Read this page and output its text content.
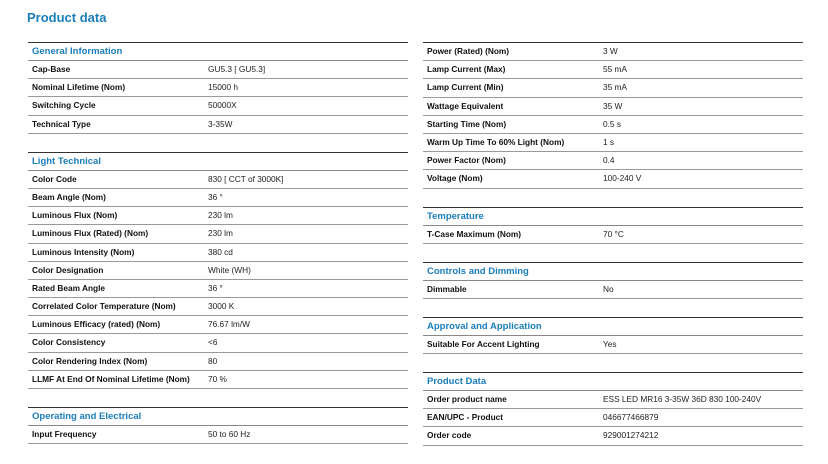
Product data
General Information
Cap-Base	GU5.3 [ GU5.3]
Nominal Lifetime (Nom)	15000 h
Switching Cycle	50000X
Technical Type	3-35W
Light Technical
Color Code	830 [ CCT of 3000K]
Beam Angle (Nom)	36 °
Luminous Flux (Nom)	230 lm
Luminous Flux (Rated) (Nom)	230 lm
Luminous Intensity (Nom)	380 cd
Color Designation	White (WH)
Rated Beam Angle	36 °
Correlated Color Temperature (Nom)	3000 K
Luminous Efficacy (rated) (Nom)	76.67 lm/W
Color Consistency	<6
Color Rendering Index (Nom)	80
LLMF At End Of Nominal Lifetime (Nom)	70 %
Operating and Electrical
Input Frequency	50 to 60 Hz
Power (Rated) (Nom)	3 W
Lamp Current (Max)	55 mA
Lamp Current (Min)	35 mA
Wattage Equivalent	35 W
Starting Time (Nom)	0.5 s
Warm Up Time To 60% Light (Nom)	1 s
Power Factor (Nom)	0.4
Voltage (Nom)	100-240 V
Temperature
T-Case Maximum (Nom)	70 °C
Controls and Dimming
Dimmable	No
Approval and Application
Suitable For Accent Lighting	Yes
Product Data
Order product name	ESS LED MR16 3-35W 36D 830 100-240V
EAN/UPC - Product	046677466879
Order code	929001274212
